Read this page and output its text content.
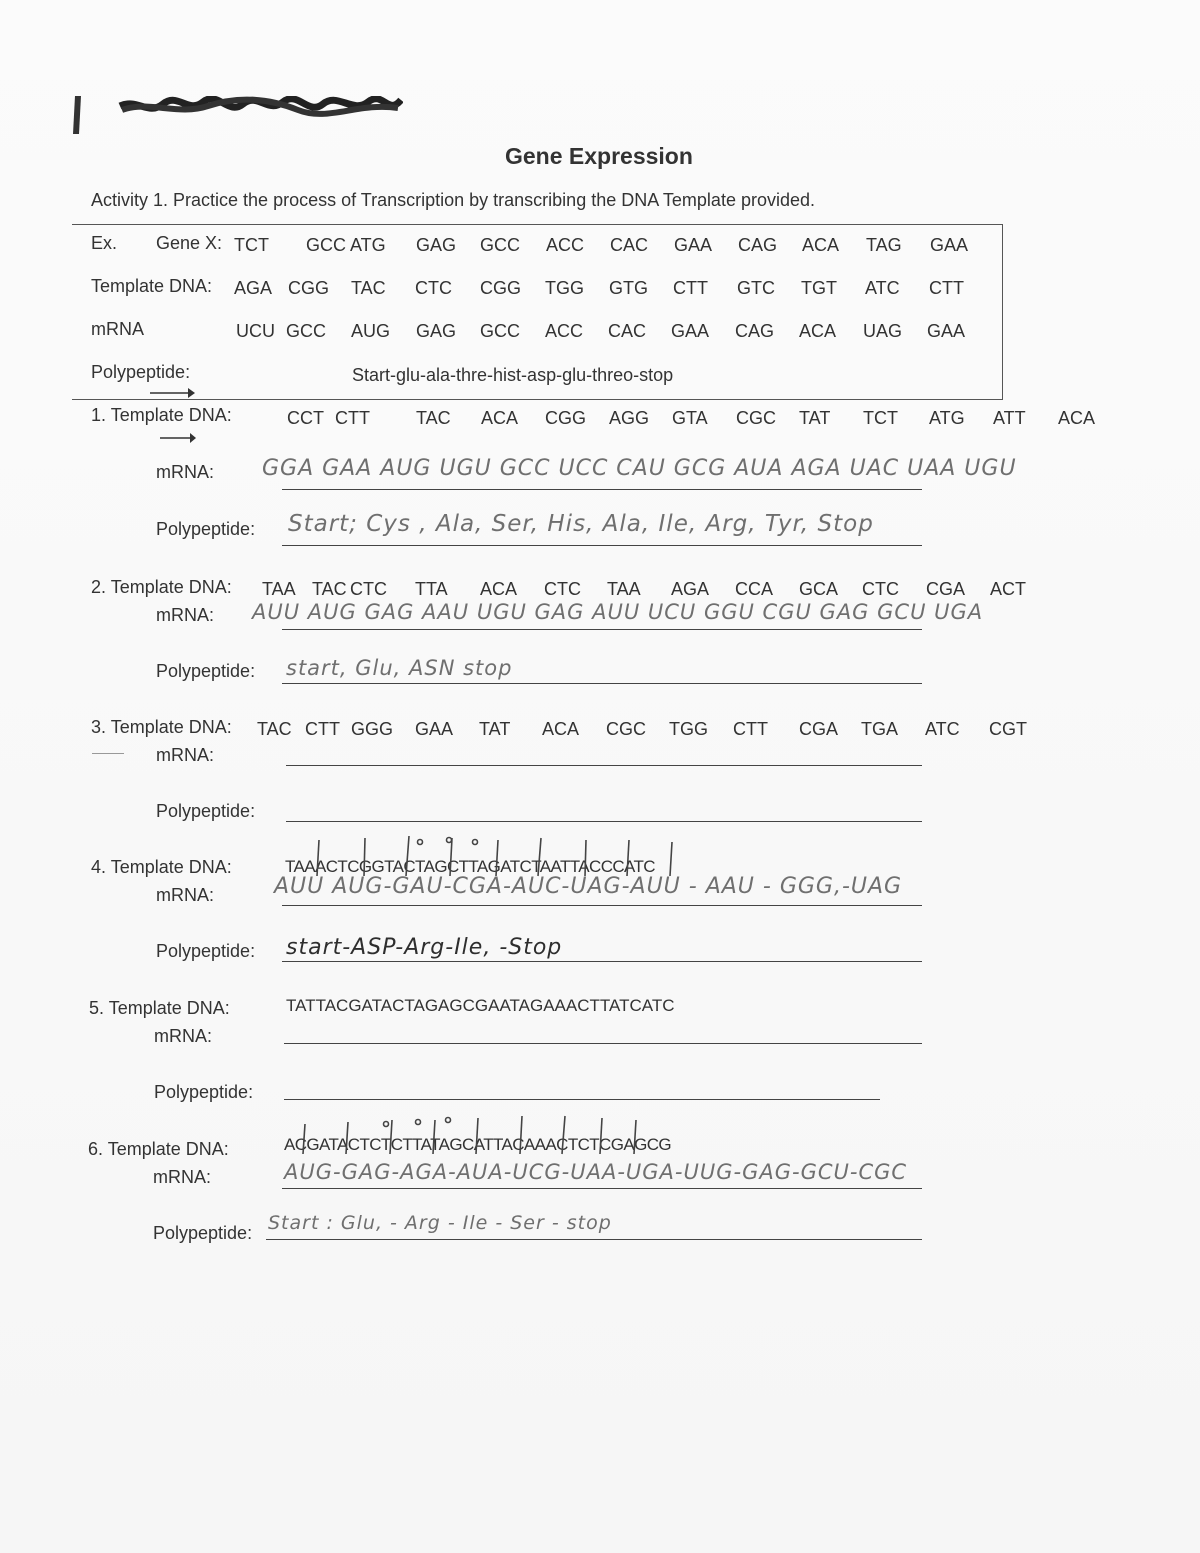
Gene Expression
Activity 1. Practice the process of Transcription by transcribing the DNA Template provided.
Ex. Gene X: TCT GCC ATG GAG GCC ACC CAC GAA CAG ACA TAG GAA
Template DNA: AGA CGG TAC CTC CGG TGG GTG CTT GTC TGT ATC CTT
mRNA	UCU GCC AUG GAG GCC ACC CAC GAA CAG ACA UAG GAA
Polypeptide:	Start-glu-ala-thre-hist-asp-glu-threo-stop
1. Template DNA:	CCT CTT	TAC ACA CGG AGG GTA CGC TAT TCT ATG ATT ACA
mRNA: GGA GAA AUG UGU GCC UCC CAU GCG AUA AGA UAC UAA UGU
Polypeptide: Start; Cys , Ala, Ser, His, Ala, Ile, Arg, Tyr, Stop
2. Template DNA: TAA TAC CTC TTA ACA CTC TAA AGA CCA GCA CTC CGA ACT
mRNA: AUU AUG GAG AAU UGU GAG AUU UCU GGU CGU GAG GCU UGA
Polypeptide: start, Glu, ASN stop
3. Template DNA: TAC CTT GGG GAA TAT ACA CGC TGG CTT CGA TGA ATC CGT
mRNA:
Polypeptide:
4. Template DNA:	TAAACTCGGTACTAGCTTAGATCTAATTACCCATC
mRNA:	AUU AUG-GAU-CGA-AUC-UAG-AUU - AAU - GGG,-UAG
Polypeptide: start-ASP-Arg-Ile, -Stop
5. Template DNA:	TATTACGATACTAGAGCGAATAGAAACTTATCATC
mRNA:
Polypeptide:
6. Template DNA:	ACGATACTCTCTTATAGCATTACAAACTCTCGAGCG
mRNA:	AUG-GAG-AGA-AUA-UCG-UAA-UGA-UUG-GAG-GCU-CGC
Polypeptide: Start : Glu, - Arg - Ile - Ser - stop
